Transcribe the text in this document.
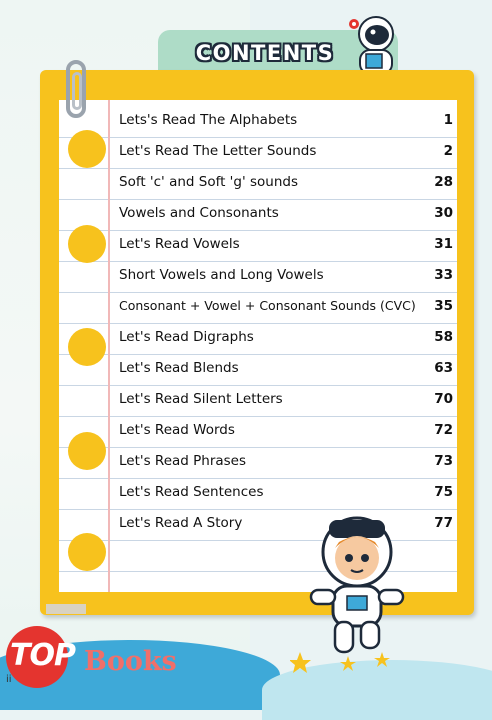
CONTENTS
Lets's Read The Alphabets	1
Let's Read The Letter Sounds	2
Soft 'c' and Soft 'g' sounds	28
Vowels and Consonants	30
Let's Read Vowels	31
Short Vowels and Long Vowels	33
Consonant + Vowel + Consonant Sounds (CVC) 35
Let's Read Digraphs	58
Let's Read Blends	63
Let's Read Silent Letters	70
Let's Read Words	72
Let's Read Phrases	73
Let's Read Sentences	75
Let's Read A Story	77
TOP Books
ii
